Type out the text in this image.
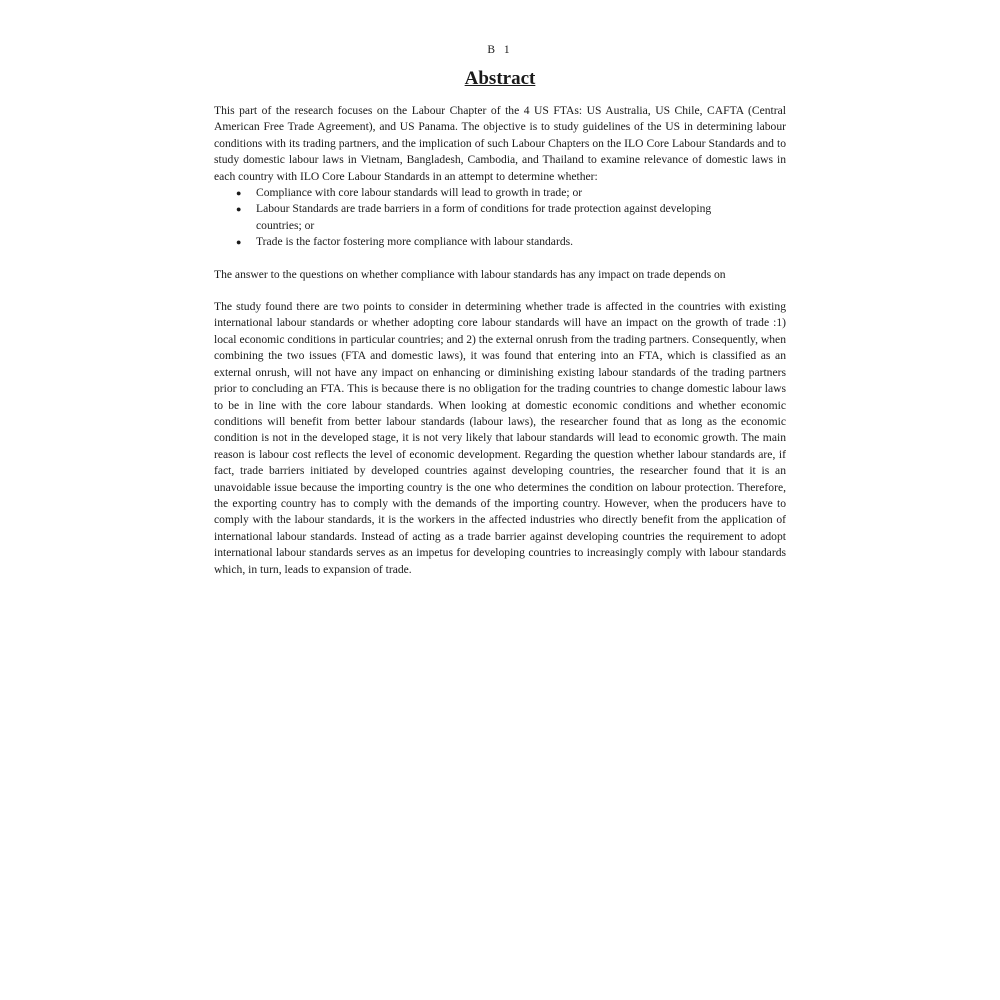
B 1
Abstract

This part of the research focuses on the Labour Chapter of the 4 US FTAs: US Australia, US Chile, CAFTA (Central American Free Trade Agreement), and US Panama. The objective is to study guidelines of the US in determining labour conditions with its trading partners, and the implication of such Labour Chapters on the ILO Core Labour Standards and to study domestic labour laws in Vietnam, Bangladesh, Cambodia, and Thailand to examine relevance of domestic laws in each country with ILO Core Labour Standards in an attempt to determine whether:

● Compliance with core labour standards will lead to growth in trade; or
● Labour Standards are trade barriers in a form of conditions for trade protection against developing countries; or
● Trade is the factor fostering more compliance with labour standards.

The answer to the questions on whether compliance with labour standards has any impact on trade depends on

The study found there are two points to consider in determining whether trade is affected in the countries with existing international labour standards or whether adopting core labour standards will have an impact on the growth of trade :1) local economic conditions in particular countries; and 2) the external onrush from the trading partners. Consequently, when combining the two issues (FTA and domestic laws), it was found that entering into an FTA, which is classified as an external onrush, will not have any impact on enhancing or diminishing existing labour standards of the trading partners prior to concluding an FTA. This is because there is no obligation for the trading countries to change domestic labour laws to be in line with the core labour standards. When looking at domestic economic conditions and whether economic conditions will benefit from better labour standards (labour laws), the researcher found that as long as the economic condition is not in the developed stage, it is not very likely that labour standards will lead to economic growth. The main reason is labour cost reflects the level of economic development. Regarding the question whether labour standards are, if fact, trade barriers initiated by developed countries against developing countries, the researcher found that it is an unavoidable issue because the importing country is the one who determines the condition on labour protection. Therefore, the exporting country has to comply with the demands of the importing country. However, when the producers have to comply with the labour standards, it is the workers in the affected industries who directly benefit from the application of international labour standards. Instead of acting as a trade barrier against developing countries the requirement to adopt international labour standards serves as an impetus for developing countries to increasingly comply with labour standards which, in turn, leads to expansion of trade.
